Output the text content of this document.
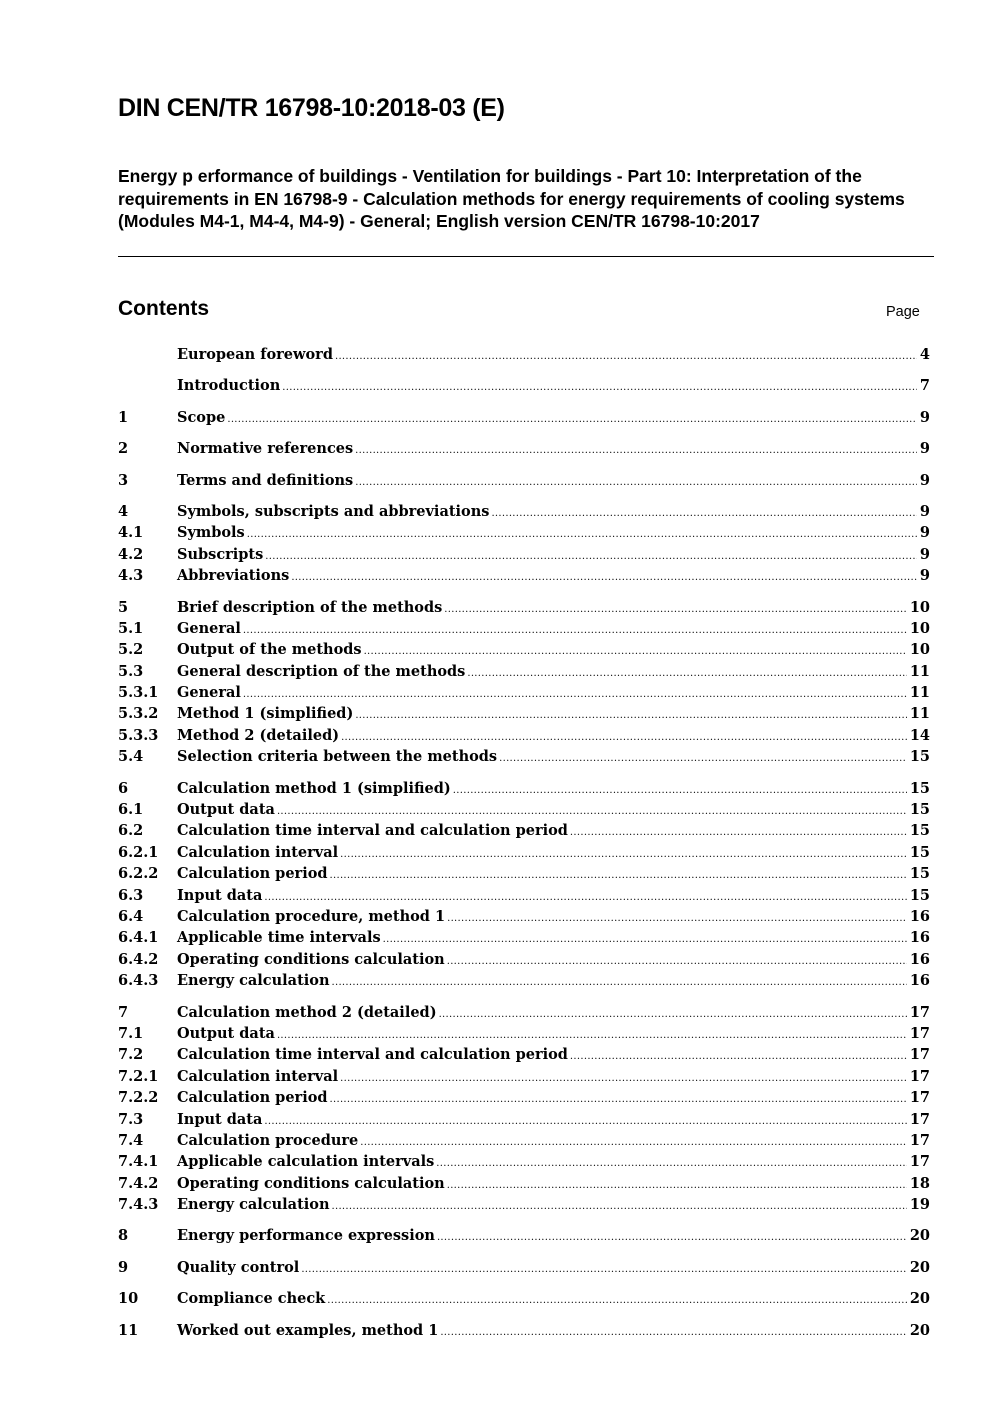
DIN CEN/TR 16798-10:2018-03 (E)

Energy p erformance of buildings - Ventilation for buildings - Part 10: Interpretation of the requirements in EN 16798-9 - Calculation methods for energy requirements of cooling systems (Modules M4-1, M4-4, M4-9) - General; English version CEN/TR 16798-10:2017

Contents	Page
European foreword .....	4
Introduction .....	7
1	Scope .....	9
2	Normative references .....	9
3	Terms and definitions .....	9
4	Symbols, subscripts and abbreviations .....	9
4.1	Symbols .....	9
4.2	Subscripts .....	9
4.3	Abbreviations .....	9
5	Brief description of the methods .....	10
5.1	General .....	10
5.2	Output of the methods .....	10
5.3	General description of the methods .....	11
5.3.1	General .....	11
5.3.2	Method 1 (simplified) .....	11
5.3.3	Method 2 (detailed) .....	14
5.4	Selection criteria between the methods .....	15
6	Calculation method 1 (simplified) .....	15
6.1	Output data .....	15
6.2	Calculation time interval and calculation period .....	15
6.2.1	Calculation interval .....	15
6.2.2	Calculation period .....	15
6.3	Input data .....	15
6.4	Calculation procedure, method 1 .....	16
6.4.1	Applicable time intervals .....	16
6.4.2	Operating conditions calculation .....	16
6.4.3	Energy calculation .....	16
7	Calculation method 2 (detailed) .....	17
7.1	Output data .....	17
7.2	Calculation time interval and calculation period .....	17
7.2.1	Calculation interval .....	17
7.2.2	Calculation period .....	17
7.3	Input data .....	17
7.4	Calculation procedure .....	17
7.4.1	Applicable calculation intervals .....	17
7.4.2	Operating conditions calculation .....	18
7.4.3	Energy calculation .....	19
8	Energy performance expression .....	20
9	Quality control .....	20
10	Compliance check .....	20
11	Worked out examples, method 1 .....	20
